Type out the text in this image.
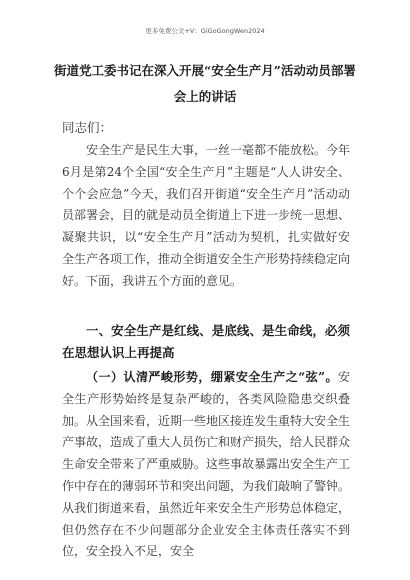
更多免费公文+V：GiGoGongWen2024
街道党工委书记在深入开展“安全生产月”活动动员部署会上的讲话
同志们：

安全生产是民生大事，一丝一毫都不能放松。今年6月是第24个全国“安全生产月”主题是“人人讲安全、个个会应急”今天，我们召开街道“安全生产月”活动动员部署会，目的就是动员全街道上下进一步统一思想、凝聚共识，以“安全生产月”活动为契机，扎实做好安全生产各项工作，推动全街道安全生产形势持续稳定向好。下面，我讲五个方面的意见。

一、安全生产是红线、是底线、是生命线，必须在思想认识上再提高

（一）认清严峻形势，绷紧安全生产之“弦”。安全生产形势始终是复杂严峻的，各类风险隐患交织叠加。从全国来看，近期一些地区接连发生重特大安全生产事故，造成了重大人员伤亡和财产损失，给人民群众生命安全带来了严重威胁。这些事故暴露出安全生产工作中存在的薄弱环节和突出问题，为我们敲响了警钟。从我们街道来看，虽然近年来安全生产形势总体稳定，但仍然存在不少问题部分企业安全主体责任落实不到位，安全投入不足，安全
